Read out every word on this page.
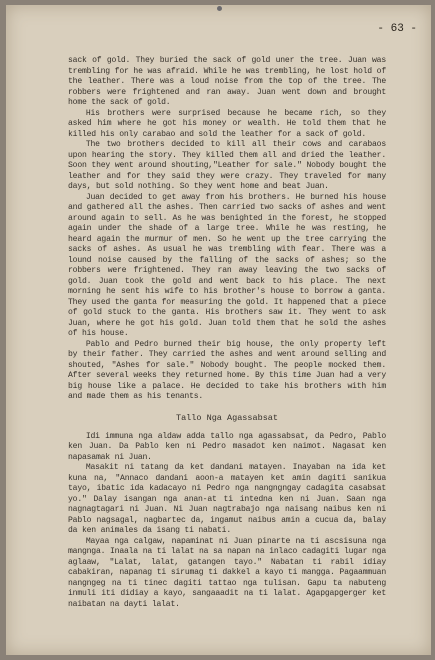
- 63 -

sack of gold. They buried the sack of gold uner the tree. Juan was trembling for he was afraid. While he was trembling, he lost hold of the leather. There was a loud noise from the top of the tree. The robbers were frightened and ran away. Juan went down and brought home the sack of gold.

His brothers were surprised because he became rich, so they asked him where he got his money or wealth. He told them that he killed his only carabao and sold the leather for a sack of gold.

The two brothers decided to kill all their cows and carabaos upon hearing the story. They killed them all and dried the leather. Soon they went around shouting,"Leather for sale." Nobody bought the leather and for they said they were crazy. They traveled for many days, but sold nothing. So they went home and beat Juan.

Juan decided to get away from his brothers. He burned his house and gathered all the ashes. Then carried two sacks of ashes and went around again to sell. As he was benighted in the forest, he stopped again under the shade of a large tree. While he was resting, he heard again the murmur of men. So he went up the tree carrying the sacks of ashes. As usual he was trembling with fear. There was a lound noise caused by the falling of the sacks of ashes; so the robbers were frightened. They ran away leaving the two sacks of gold. Juan took the gold and went back to his place. The next morning he sent his wife to his brother's house to borrow a ganta. They used the ganta for measuring the gold. It happened that a piece of gold stuck to the ganta. His brothers saw it. They went to ask Juan, where he got his gold. Juan told them that he sold the ashes of his house.

Pablo and Pedro burned their big house, the only property left by their father. They carried the ashes and went around selling and shouted, "Ashes for sale." Nobody bought. The people mocked them. After several weeks they returned home. By this time Juan had a very big house like a palace. He decided to take his brothers with him and made them as his tenants.

Tallo Nga Agassabsat

Idi immuna nga aldaw adda tallo nga agassabsat, da Pedro, Pablo ken Juan. Da Pablo ken ni Pedro masadot ken naimot. Nagasat ken napasamak ni Juan.

Masakit ni tatang da ket dandani matayen. Inayaban na ida ket kuna na, "Annaco dandani aoon-a matayen ket amin dagiti sanikua tayo, ibatic ida kadacayo ni Pedro nga nangngngay cadagita casabsat yo." Dalay isangan nga anan-at ti intedna ken ni Juan. Saan nga nagnagtagari ni Juan. Ni Juan nagtrabajo nga naisang naibus ken ni Pablo nagsagal, nagbartec da, ingamut naibus amin a cucua da, balay da ken animales da isang ti nabati.

Mayaa nga calgaw, napaminat ni Juan pinarte na ti ascsisuna nga mangnga. Inaala na ti lalat na sa napan na inlaco cadagiti lugar nga aglaaw, "Lalat, lalat, gatangen tayo." Nabatan ti rabil idiay cabakiran, napanag ti sirumag ti dakkel a kayo ti mangga. Pagaammuan nangngeg na ti tinec dagiti tattao nga tulisan. Gapu ta nabuteng inmuli iti didiay a kayo, sangaaadit na ti lalat. Agapgapgerger ket naibatan na dayti lalat.
